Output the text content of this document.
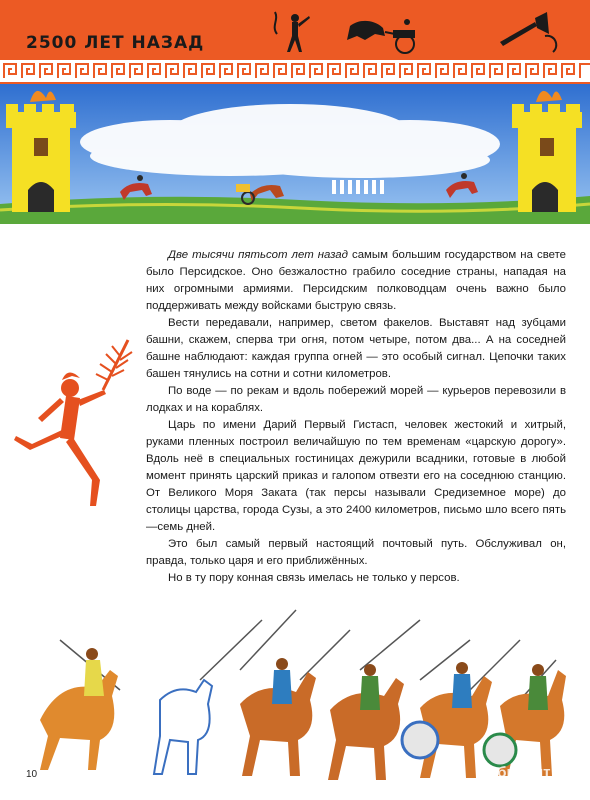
2500 ЛЕТ НАЗАД

Две тысячи пятьсот лет назад самым большим государством на свете было Персидское. Оно безжалостно грабило соседние страны, нападая на них огромными армиями. Персидским полководцам очень важно было поддерживать между войсками быструю связь.

Вести передавали, например, светом факелов. Выставят над зубцами башни, скажем, сперва три огня, потом четыре, потом два... А на соседней башне наблюдают: каждая группа огней — это особый сигнал. Цепочки таких башен тянулись на сотни и сотни километров.

По воде — по рекам и вдоль побережий морей — курьеров перевозили в лодках и на кораблях.

Царь по имени Дарий Первый Гистасп, человек жестокий и хитрый, руками пленных построил величайшую по тем временам «царскую дорогу». Вдоль неё в специальных гостиницах дежурили всадники, готовые в любой момент принять царский приказ и галопом отвезти его на соседнюю станцию. От Великого Моря Заката (так персы называли Средиземное море) до столицы царства, города Сузы, а это 2400 километров, письмо шло всего пять—семь дней.

Это был самый первый настоящий почтовый путь. Обслуживал он, правда, только царя и его приближённых.

Но в ту пору конная связь имелась не только у персов.

10	Лабиринт
